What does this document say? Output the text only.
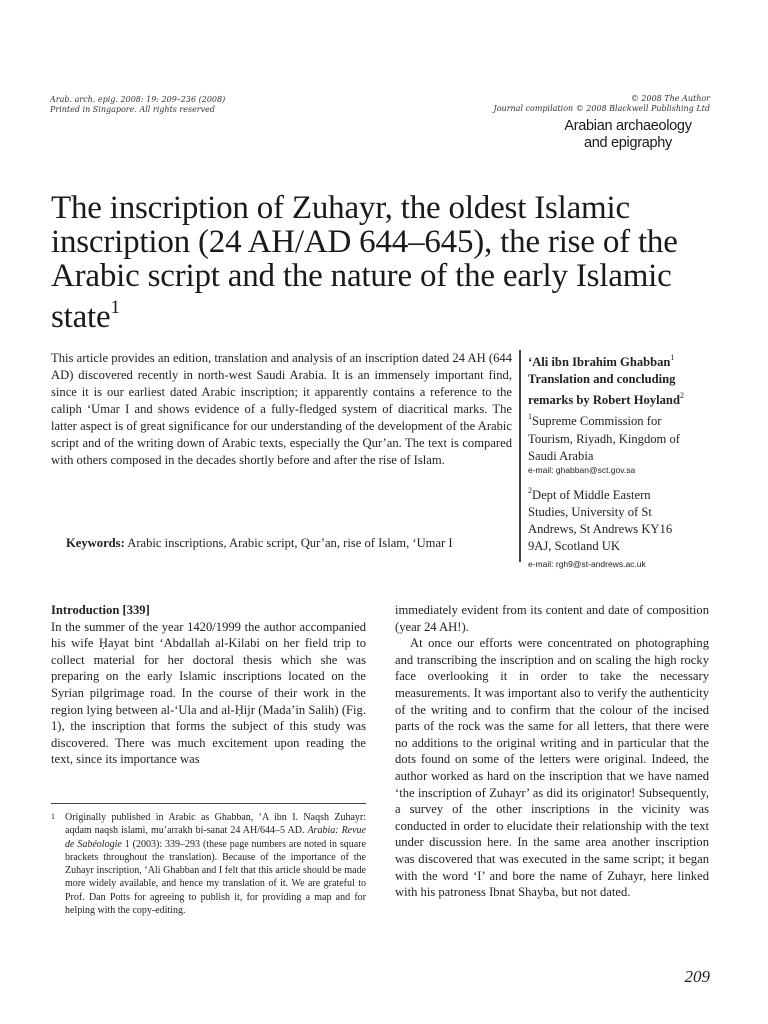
Arab. arch. epig. 2008: 19: 209–236 (2008)
Printed in Singapore. All rights reserved
© 2008 The Author
Journal compilation © 2008 Blackwell Publishing Ltd
Arabian archaeology
and epigraphy
The inscription of Zuhayr, the oldest Islamic
inscription (24 AH/AD 644–645), the rise of the
Arabic script and the nature of the early Islamic
state$^1$
This article provides an edition, translation and analysis of an inscription dated 24 AH (644 AD) discovered recently in north-west Saudi Arabia. It is an immensely important find, since it is our earliest dated Arabic inscription; it apparently contains a reference to the caliph ‘Umar I and shows evidence of a fully-fledged system of diacritical marks. The latter aspect is of great significance for our understanding of the development of the Arabic script and of the writing down of Arabic texts, especially the Qur’an. The text is compared with others composed in the decades shortly before and after the rise of Islam.
Keywords: Arabic inscriptions, Arabic script, Qur’an, rise of Islam, ‘Umar I
‘Ali ibn Ibrahim Ghabban$^1$
Translation and concluding
remarks by Robert Hoyland$^2$
$^1$Supreme Commission for
Tourism, Riyadh, Kingdom of
Saudi Arabia
e-mail: ghabban@sct.gov.sa
$^2$Dept of Middle Eastern
Studies, University of St
Andrews, St Andrews KY16
9AJ, Scotland UK
e-mail: rgh9@st-andrews.ac.uk

Introduction [339]

In the summer of the year 1420/1999 the author accompanied his wife Ḥayat bint ‘Abdallah al-Kilabi on her field trip to collect material for her doctoral thesis which she was preparing on the early Islamic inscriptions located on the Syrian pilgrimage road. In the course of their work in the region lying between al-‘Ula and al-Ḥijr (Mada’in Salih) (Fig. 1), the inscription that forms the subject of this study was discovered. There was much excitement upon reading the text, since its importance was

1	Originally published in Arabic as Ghabban, ‘A ibn I. Naqsh Zuhayr: aqdam naqsh islami, mu’arrakh bi-sanat 24 AH/644–5 AD. Arabia: Revue de Sabéologie 1 (2003): 339–293 (these page numbers are noted in square brackets throughout the translation). Because of the importance of the Zuhayr inscription, ‘Ali Ghabban and I felt that this article should be made more widely available, and hence my translation of it. We are grateful to Prof. Dan Potts for agreeing to publish it, for providing a map and for helping with the copy-editing.

immediately evident from its content and date of composition (year 24 AH!).

At once our efforts were concentrated on photographing and transcribing the inscription and on scaling the high rocky face overlooking it in order to take the necessary measurements. It was important also to verify the authenticity of the writing and to confirm that the colour of the incised parts of the rock was the same for all letters, that there were no additions to the original writing and in particular that the dots found on some of the letters were original. Indeed, the author worked as hard on the inscription that we have named ‘the inscription of Zuhayr’ as did its originator! Subsequently, a survey of the other inscriptions in the vicinity was conducted in order to elucidate their relationship with the text under discussion here. In the same area another inscription was discovered that was executed in the same script; it began with the word ‘I’ and bore the name of Zuhayr, here linked with his patroness Ibnat Shayba, but not dated.

209
